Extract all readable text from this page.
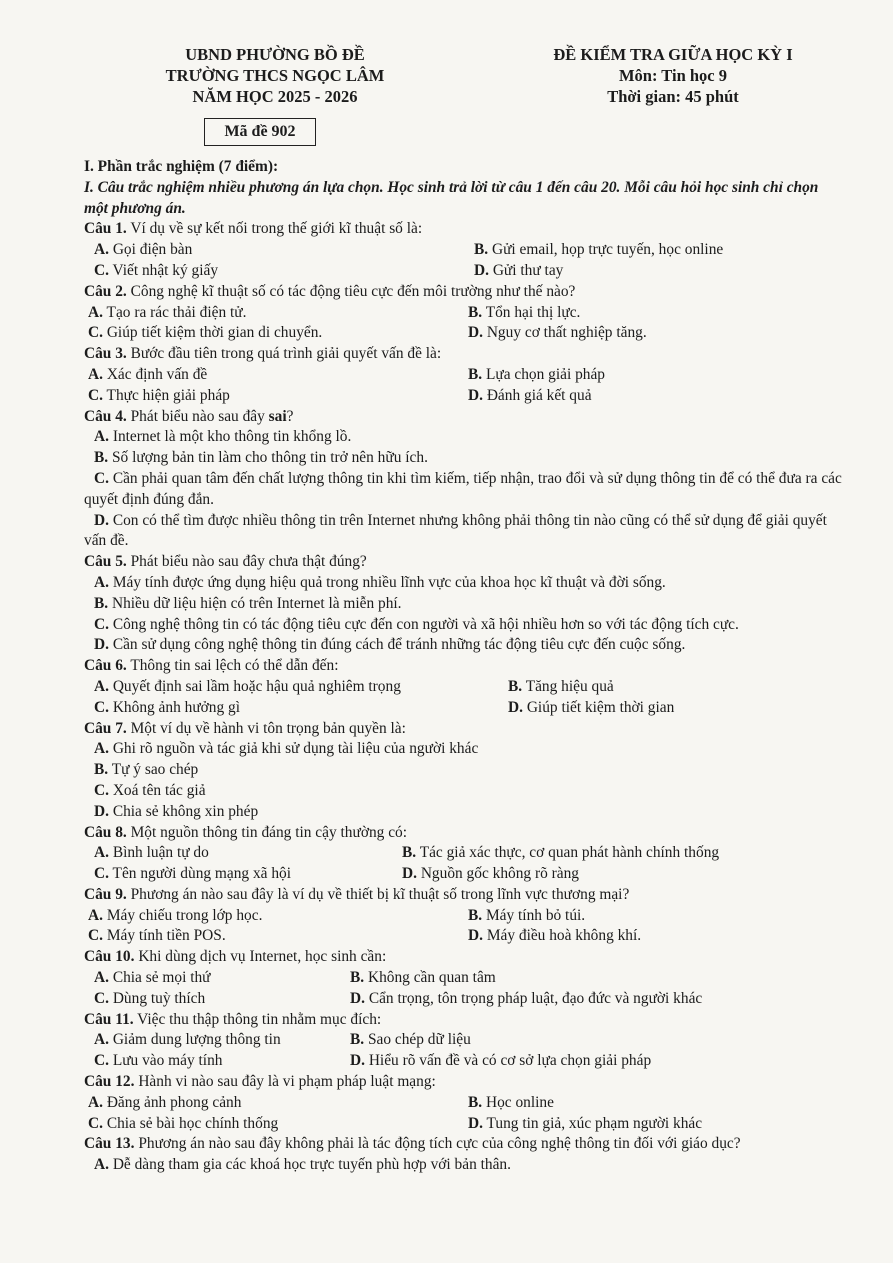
UBND PHƯỜNG BỒ ĐỀ
TRƯỜNG THCS NGỌC LÂM
NĂM HỌC 2025 - 2026
ĐỀ KIỂM TRA GIỮA HỌC KỲ I
Môn: Tin học 9
Thời gian: 45 phút
Mã đề 902
I. Phần trắc nghiệm (7 điểm):
I. Câu trắc nghiệm nhiều phương án lựa chọn. Học sinh trả lời từ câu 1 đến câu 20. Mỗi câu hỏi học sinh chỉ chọn một phương án.
Câu 1. Ví dụ về sự kết nối trong thế giới kĩ thuật số là:
A. Gọi điện bàn	B. Gửi email, họp trực tuyến, học online
C. Viết nhật ký giấy	D. Gửi thư tay
Câu 2. Công nghệ kĩ thuật số có tác động tiêu cực đến môi trường như thế nào?
A. Tạo ra rác thải điện tử.	B. Tổn hại thị lực.
C. Giúp tiết kiệm thời gian di chuyển.	D. Nguy cơ thất nghiệp tăng.
Câu 3. Bước đầu tiên trong quá trình giải quyết vấn đề là:
A. Xác định vấn đề	B. Lựa chọn giải pháp
C. Thực hiện giải pháp	D. Đánh giá kết quả
Câu 4. Phát biểu nào sau đây sai?
A. Internet là một kho thông tin khổng lồ.
B. Số lượng bản tin làm cho thông tin trở nên hữu ích.
C. Cần phải quan tâm đến chất lượng thông tin khi tìm kiếm, tiếp nhận, trao đổi và sử dụng thông tin để có thể đưa ra các quyết định đúng đắn.
D. Con có thể tìm được nhiều thông tin trên Internet nhưng không phải thông tin nào cũng có thể sử dụng để giải quyết vấn đề.
Câu 5. Phát biểu nào sau đây chưa thật đúng?
A. Máy tính được ứng dụng hiệu quả trong nhiều lĩnh vực của khoa học kĩ thuật và đời sống.
B. Nhiều dữ liệu hiện có trên Internet là miễn phí.
C. Công nghệ thông tin có tác động tiêu cực đến con người và xã hội nhiều hơn so với tác động tích cực.
D. Cần sử dụng công nghệ thông tin đúng cách để tránh những tác động tiêu cực đến cuộc sống.
Câu 6. Thông tin sai lệch có thể dẫn đến:
A. Quyết định sai lầm hoặc hậu quả nghiêm trọng	B. Tăng hiệu quả
C. Không ảnh hưởng gì	D. Giúp tiết kiệm thời gian
Câu 7. Một ví dụ về hành vi tôn trọng bản quyền là:
A. Ghi rõ nguồn và tác giả khi sử dụng tài liệu của người khác
B. Tự ý sao chép
C. Xoá tên tác giả
D. Chia sẻ không xin phép
Câu 8. Một nguồn thông tin đáng tin cậy thường có:
A. Bình luận tự do	B. Tác giả xác thực, cơ quan phát hành chính thống
C. Tên người dùng mạng xã hội	D. Nguồn gốc không rõ ràng
Câu 9. Phương án nào sau đây là ví dụ về thiết bị kĩ thuật số trong lĩnh vực thương mại?
A. Máy chiếu trong lớp học.	B. Máy tính bỏ túi.
C. Máy tính tiền POS.	D. Máy điều hoà không khí.
Câu 10. Khi dùng dịch vụ Internet, học sinh cần:
A. Chia sẻ mọi thứ	B. Không cần quan tâm
C. Dùng tuỳ thích	D. Cẩn trọng, tôn trọng pháp luật, đạo đức và người khác
Câu 11. Việc thu thập thông tin nhằm mục đích:
A. Giảm dung lượng thông tin	B. Sao chép dữ liệu
C. Lưu vào máy tính	D. Hiểu rõ vấn đề và có cơ sở lựa chọn giải pháp
Câu 12. Hành vi nào sau đây là vi phạm pháp luật mạng:
A. Đăng ảnh phong cảnh	B. Học online
C. Chia sẻ bài học chính thống	D. Tung tin giả, xúc phạm người khác
Câu 13. Phương án nào sau đây không phải là tác động tích cực của công nghệ thông tin đối với giáo dục?
A. Dễ dàng tham gia các khoá học trực tuyến phù hợp với bản thân.
